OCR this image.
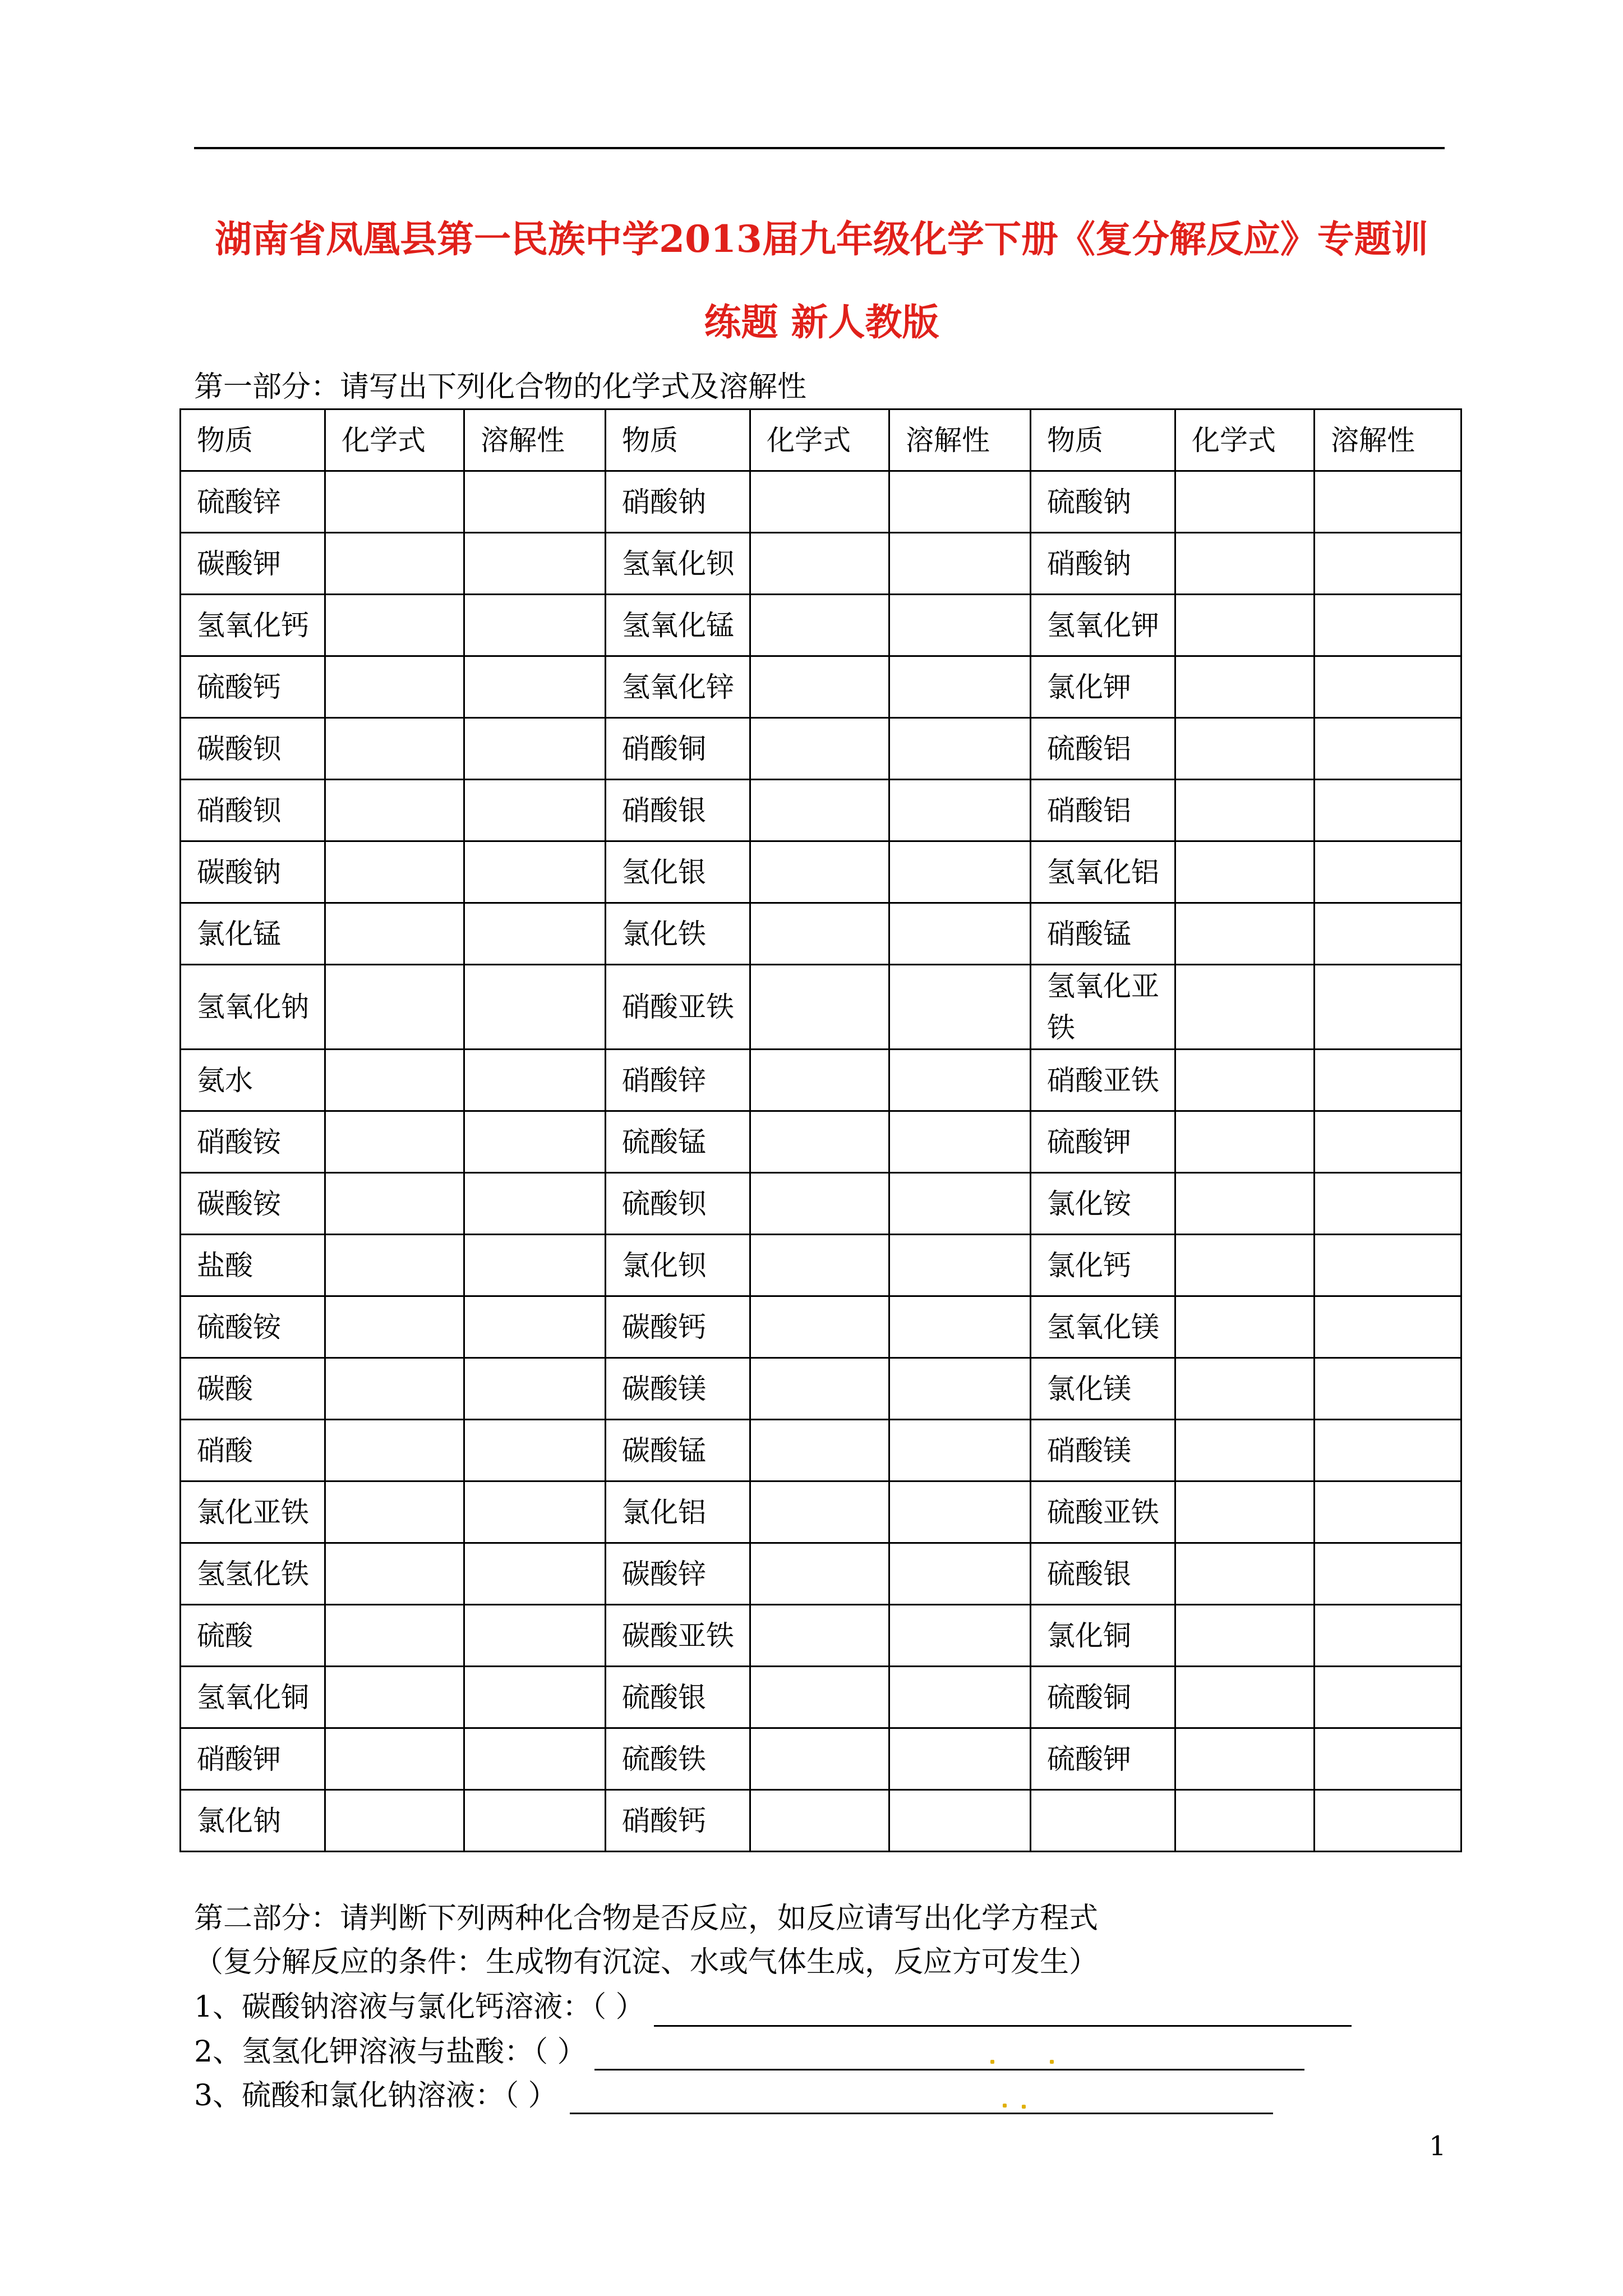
湖南省凤凰县第一民族中学2013届九年级化学下册《复分解反应》专题训
练题 新人教版
第一部分：请写出下列化合物的化学式及溶解性
物质	化学式	溶解性	物质	化学式	溶解性	物质	化学式	溶解性
硫酸锌			硝酸钠			硫酸钠		
碳酸钾			氢氧化钡			硝酸钠		
氢氧化钙			氢氧化锰			氢氧化钾		
硫酸钙			氢氧化锌			氯化钾		
碳酸钡			硝酸铜			硫酸铝		
硝酸钡			硝酸银			硝酸铝		
碳酸钠			氢化银			氢氧化铝		
氯化锰			氯化铁			硝酸锰		
氢氧化钠			硝酸亚铁			氢氧化亚铁		
氨水			硝酸锌			硝酸亚铁		
硝酸铵			硫酸锰			硫酸钾		
碳酸铵			硫酸钡			氯化铵		
盐酸			氯化钡			氯化钙		
硫酸铵			碳酸钙			氢氧化镁		
碳酸			碳酸镁			氯化镁		
硝酸			碳酸锰			硝酸镁		
氯化亚铁			氯化铝			硫酸亚铁		
氢氢化铁			碳酸锌			硫酸银		
硫酸			碳酸亚铁			氯化铜		
氢氧化铜			硫酸银			硫酸铜		
硝酸钾			硫酸铁			硫酸钾		
氯化钠			硝酸钙					
第二部分：请判断下列两种化合物是否反应，如反应请写出化学方程式
（复分解反应的条件：生成物有沉淀、水或气体生成，反应方可发生）
1、碳酸钠溶液与氯化钙溶液：（ ）
2、氢氢化钾溶液与盐酸：（ ）
3、硫酸和氯化钠溶液：（ ）
1
